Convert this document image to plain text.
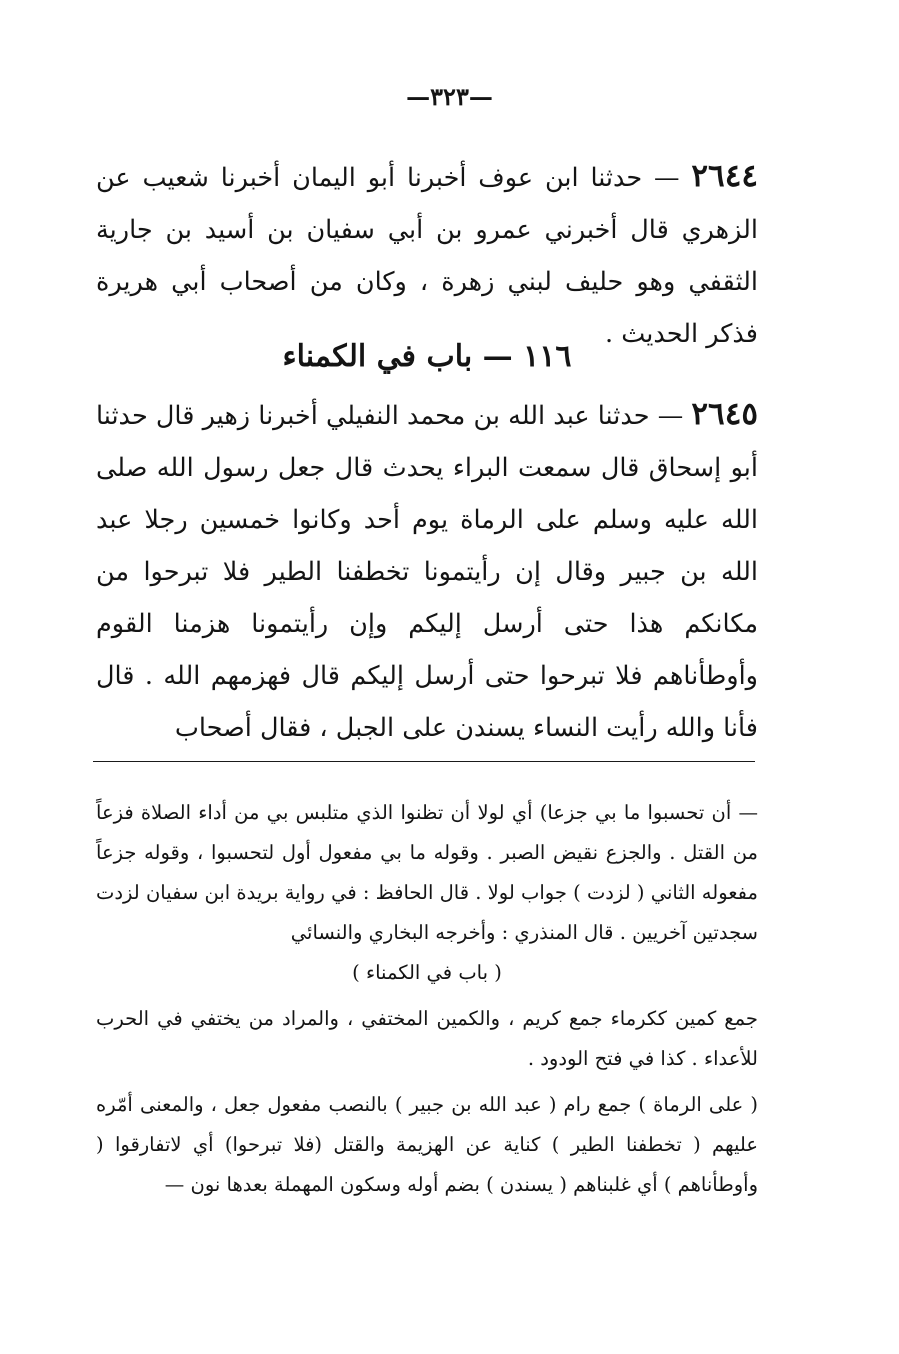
—٣٢٣—

٢٦٤٤ — حدثنا ابن عوف أخبرنا أبو اليمان أخبرنا شعيب عن الزهري قال أخبرني عمرو بن أبي سفيان بن أسيد بن جارية الثقفي وهو حليف لبني زهرة ، وكان من أصحاب أبي هريرة فذكر الحديث .

١١٦ — باب في الكمناء

٢٦٤٥ — حدثنا عبد الله بن محمد النفيلي أخبرنا زهير قال حدثنا أبو إسحاق قال سمعت البراء يحدث قال جعل رسول الله صلى الله عليه وسلم على الرماة يوم أحد وكانوا خمسين رجلا عبد الله بن جبير وقال إن رأيتمونا تخطفنا الطير فلا تبرحوا من مكانكم هذا حتى أرسل إليكم وإن رأيتمونا هزمنا القوم وأوطأناهم فلا تبرحوا حتى أرسل إليكم قال فهزمهم الله . قال فأنا والله رأيت النساء يسندن على الجبل ، فقال أصحاب

— أن تحسبوا ما بي جزعا) أي لولا أن تظنوا الذي متلبس بي من أداء الصلاة فزعاً من القتل . والجزع نقيض الصبر . وقوله ما بي مفعول أول لتحسبوا ، وقوله جزعاً مفعوله الثاني ( لزدت ) جواب لولا . قال الحافظ : في رواية بريدة ابن سفيان لزدت سجدتين آخريين . قال المنذري : وأخرجه البخاري والنسائي

( باب في الكمناء )

جمع كمين ككرماء جمع كريم ، والكمين المختفي ، والمراد من يختفي في الحرب للأعداء . كذا في فتح الودود .

( على الرماة ) جمع رام ( عبد الله بن جبير ) بالنصب مفعول جعل ، والمعنى أمّره عليهم ( تخطفنا الطير ) كناية عن الهزيمة والقتل (فلا تبرحوا) أي لاتفارقوا ( وأوطأناهم ) أي غلبناهم ( يسندن ) بضم أوله وسكون المهملة بعدها نون —
